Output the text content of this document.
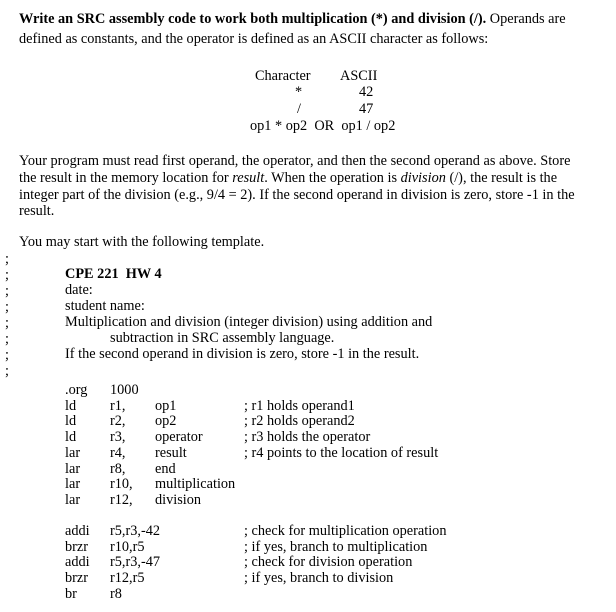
Write an SRC assembly code to work both multiplication (*) and division (/). Operands are
defined as constants, and the operator is defined as an ASCII character as follows:
Character ASCII
*	42
/	47
op1 * op2  OR  op1 / op2
Your program must read first operand, the operator, and then the second operand as above. Store
the result in the memory location for result. When the operation is division (/), the result is the
integer part of the division (e.g., 9/4 = 2). If the second operand in division is zero, store -1 in the
result.
You may start with the following template.
CPE 221  HW 4
date:
student name:
Multiplication and division (integer division) using addition and
subtraction in SRC assembly language.
If the second operand in division is zero, store -1 in the result.
;
;
;
;
;
;
;
;
.org 1000
ld r1, op1	; r1 holds operand1
ld r2, op2	; r2 holds operand2
ld r3, operator	; r3 holds the operator
lar r4, result	; r4 points to the location of result
lar r8, end
lar r10, multiplication
lar r12, division
addi r5,r3,-42	; check for multiplication operation
brzr r10,r5	; if yes, branch to multiplication
addi r5,r3,-47	; check for division operation
brzr r12,r5	; if yes, branch to division
br r8
